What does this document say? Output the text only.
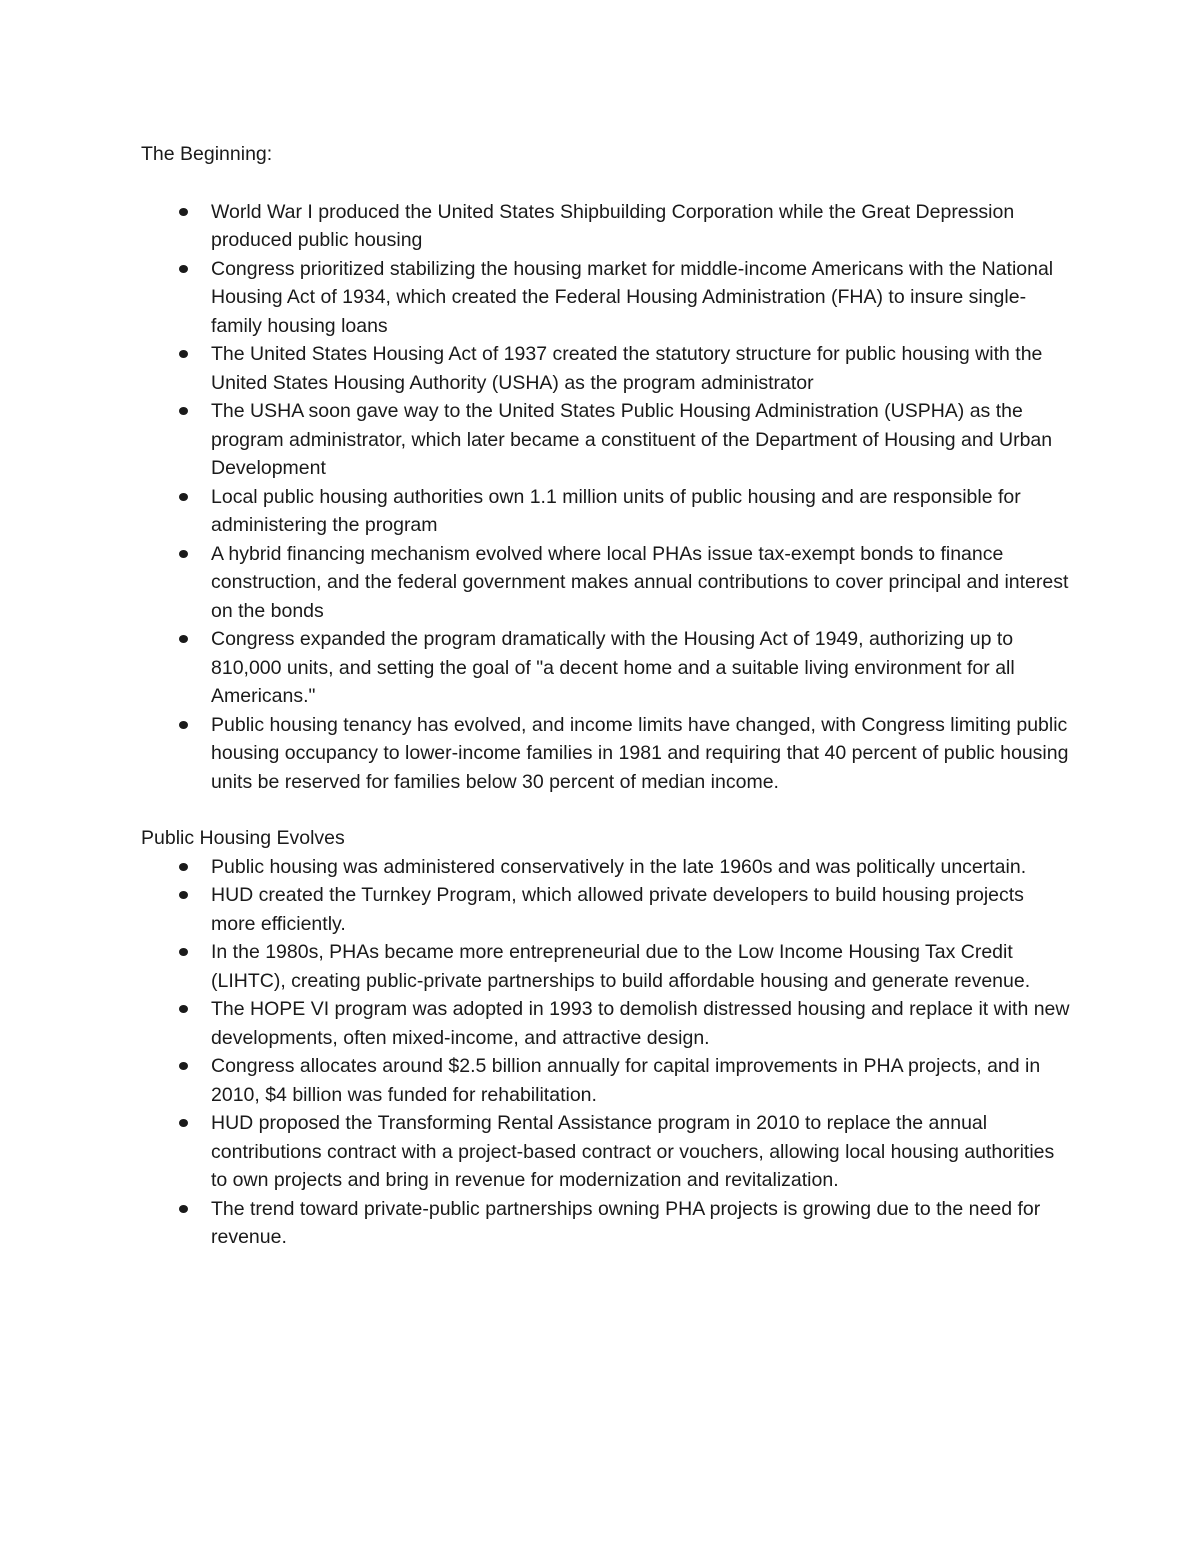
The Beginning:

World War I produced the United States Shipbuilding Corporation while the Great Depression produced public housing
Congress prioritized stabilizing the housing market for middle-income Americans with the National Housing Act of 1934, which created the Federal Housing Administration (FHA) to insure single-family housing loans
The United States Housing Act of 1937 created the statutory structure for public housing with the United States Housing Authority (USHA) as the program administrator
The USHA soon gave way to the United States Public Housing Administration (USPHA) as the program administrator, which later became a constituent of the Department of Housing and Urban Development
Local public housing authorities own 1.1 million units of public housing and are responsible for administering the program
A hybrid financing mechanism evolved where local PHAs issue tax-exempt bonds to finance construction, and the federal government makes annual contributions to cover principal and interest on the bonds
Congress expanded the program dramatically with the Housing Act of 1949, authorizing up to 810,000 units, and setting the goal of "a decent home and a suitable living environment for all Americans."
Public housing tenancy has evolved, and income limits have changed, with Congress limiting public housing occupancy to lower-income families in 1981 and requiring that 40 percent of public housing units be reserved for families below 30 percent of median income.

Public Housing Evolves

Public housing was administered conservatively in the late 1960s and was politically uncertain.
HUD created the Turnkey Program, which allowed private developers to build housing projects more efficiently.
In the 1980s, PHAs became more entrepreneurial due to the Low Income Housing Tax Credit (LIHTC), creating public-private partnerships to build affordable housing and generate revenue.
The HOPE VI program was adopted in 1993 to demolish distressed housing and replace it with new developments, often mixed-income, and attractive design.
Congress allocates around $2.5 billion annually for capital improvements in PHA projects, and in 2010, $4 billion was funded for rehabilitation.
HUD proposed the Transforming Rental Assistance program in 2010 to replace the annual contributions contract with a project-based contract or vouchers, allowing local housing authorities to own projects and bring in revenue for modernization and revitalization.
The trend toward private-public partnerships owning PHA projects is growing due to the need for revenue.
